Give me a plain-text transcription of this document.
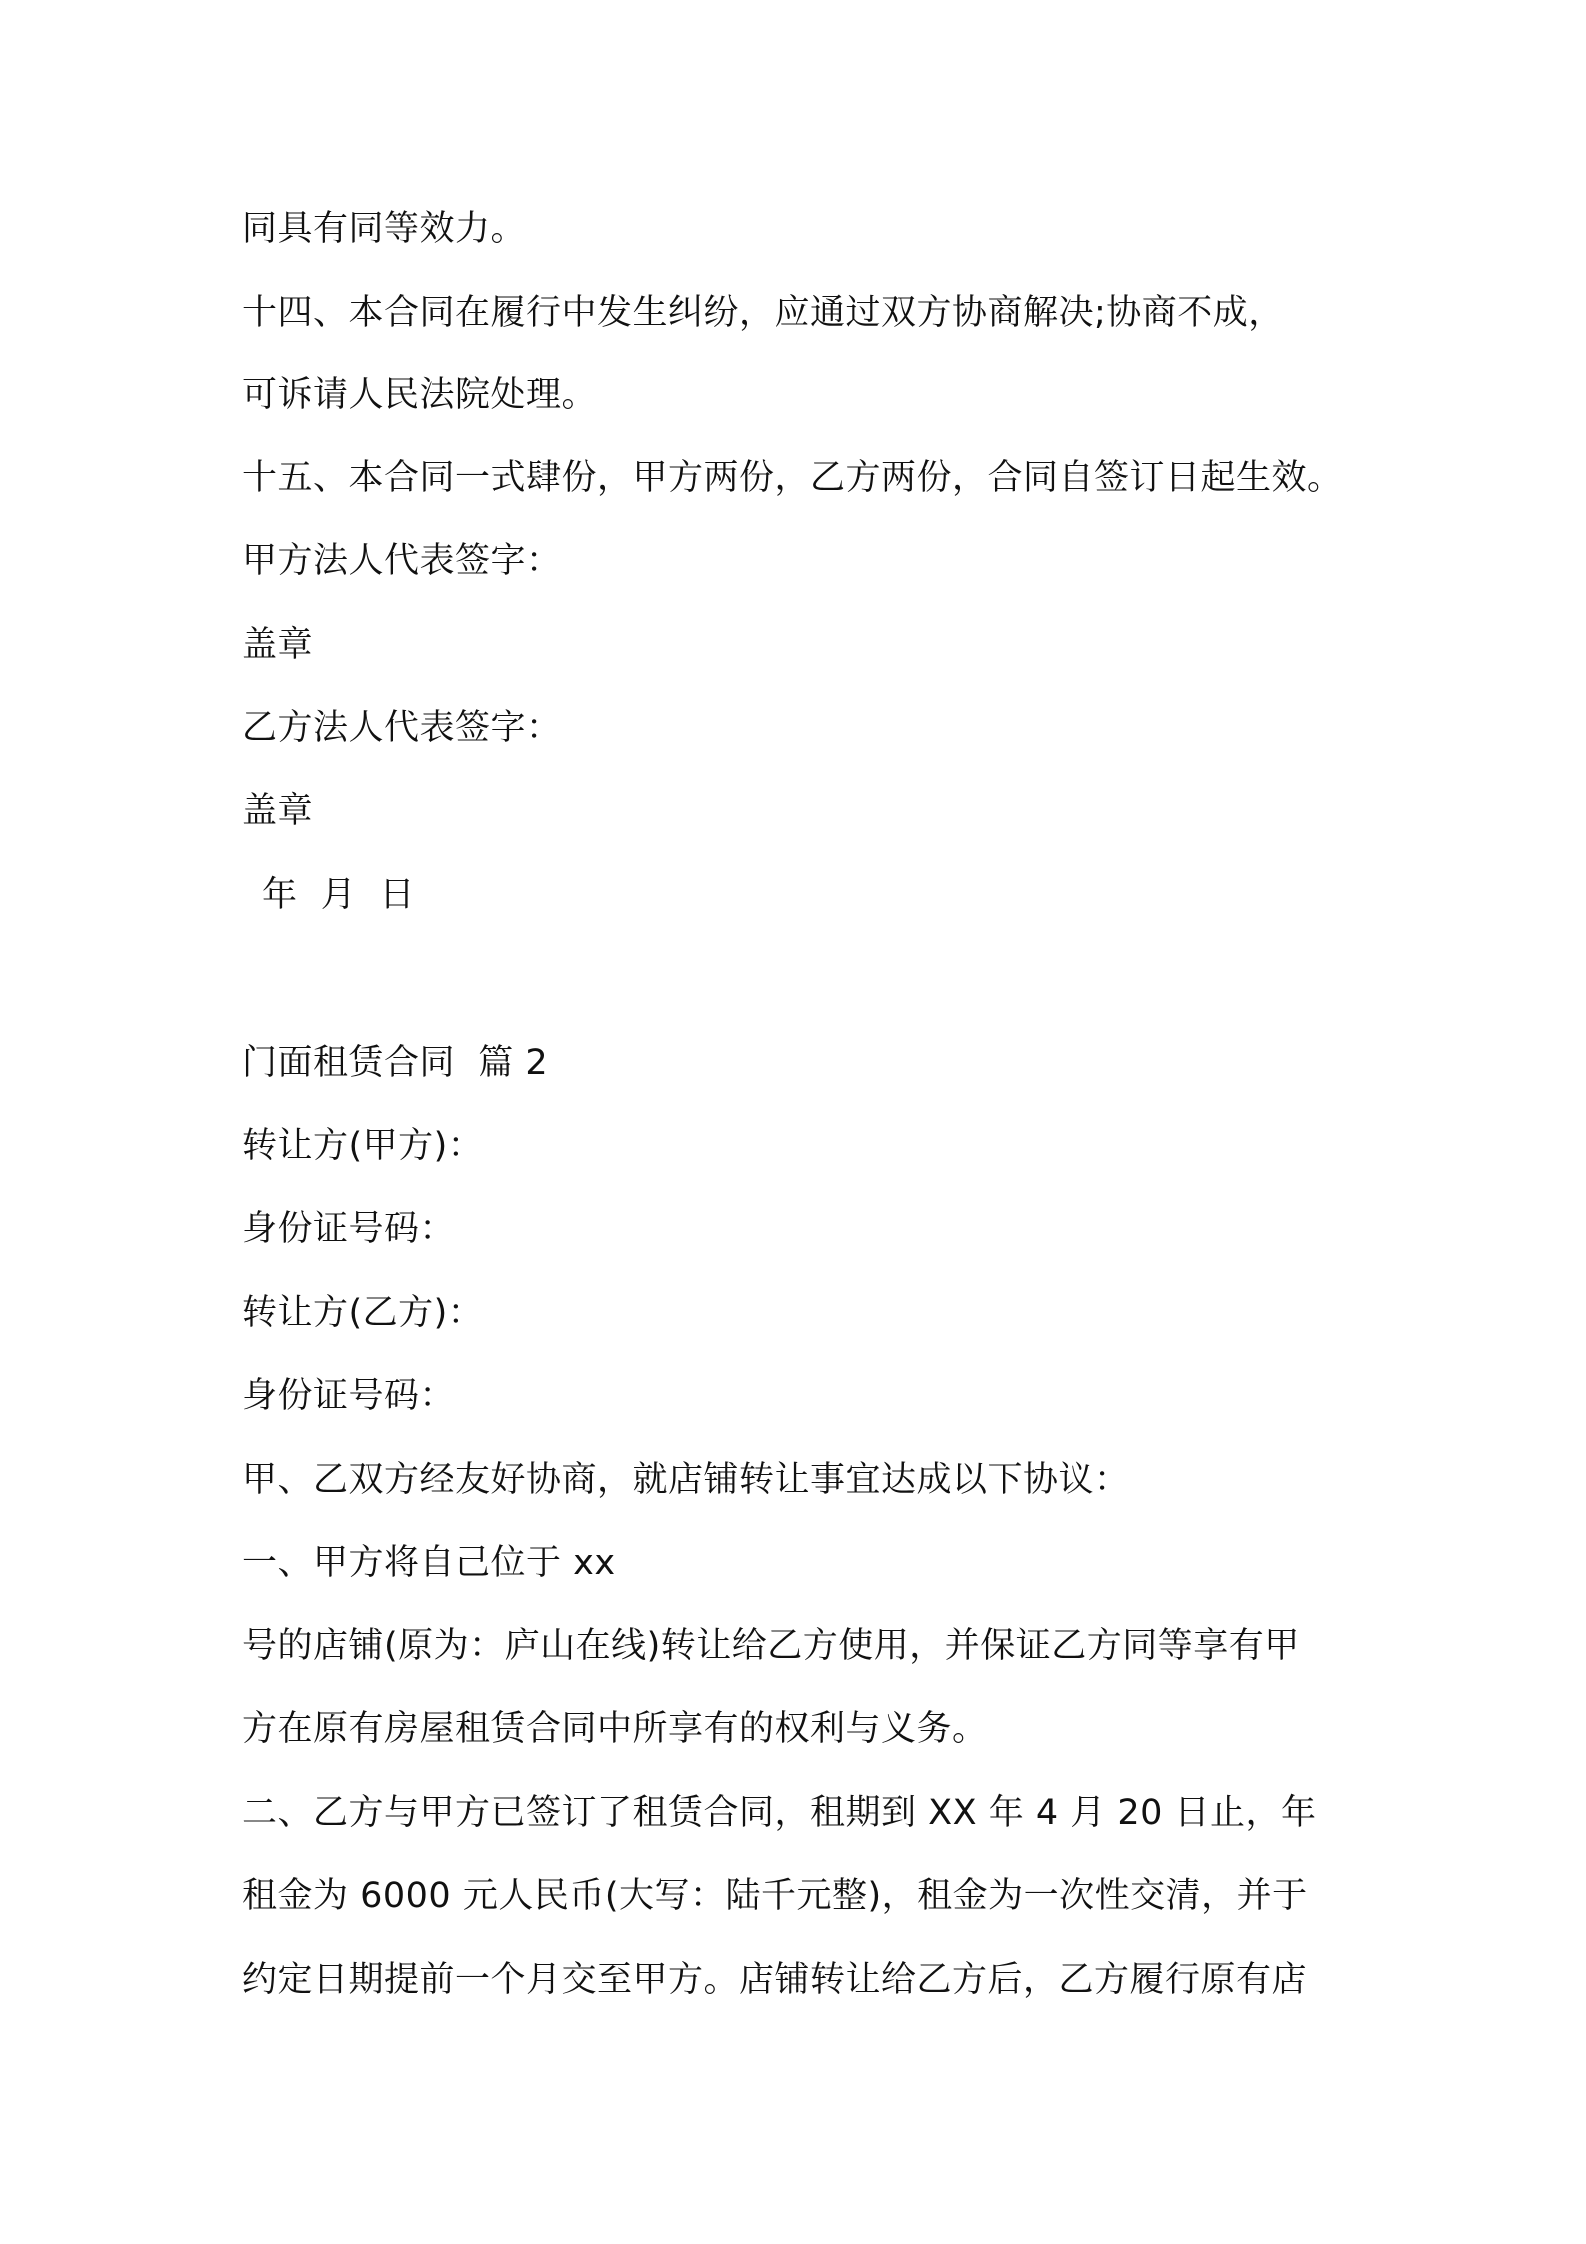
同具有同等效力。
十四、本合同在履行中发生纠纷，应通过双方协商解决;协商不成，
可诉请人民法院处理。
十五、本合同一式肆份，甲方两份，乙方两份，合同自签订日起生效。
甲方法人代表签字：
盖章
乙方法人代表签字：
盖章
年  月  日
门面租赁合同  篇 2
转让方(甲方)：
身份证号码：
转让方(乙方)：
身份证号码：
甲、乙双方经友好协商，就店铺转让事宜达成以下协议：
一、甲方将自己位于 xx
号的店铺(原为：庐山在线)转让给乙方使用，并保证乙方同等享有甲
方在原有房屋租赁合同中所享有的权利与义务。
二、乙方与甲方已签订了租赁合同，租期到 XX 年 4 月 20 日止，年
租金为 6000 元人民币(大写：陆千元整)，租金为一次性交清，并于
约定日期提前一个月交至甲方。店铺转让给乙方后，乙方履行原有店
